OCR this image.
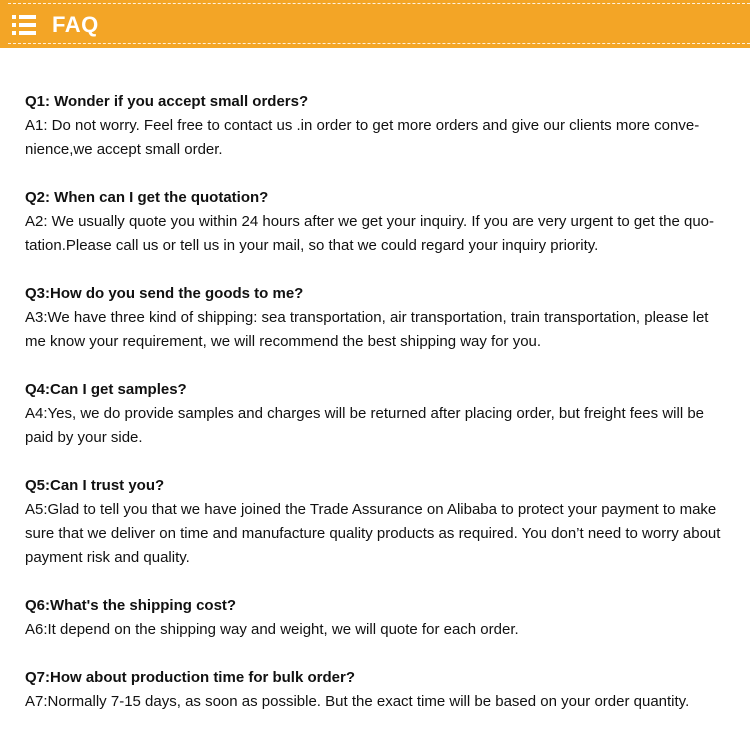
FAQ
Q1: Wonder if you accept small orders?
A1: Do not worry. Feel free to contact us .in order to get more orders and give our clients more conve-
nience,we accept small order.
Q2: When can I get the quotation?
A2: We usually quote you within 24 hours after we get your inquiry. If you are very urgent to get the quo-
tation.Please call us or tell us in your mail, so that we could regard your inquiry priority.
Q3:How do you send the goods to me?
A3:We have three kind of shipping: sea transportation, air transportation, train transportation, please let
me know your requirement, we will recommend the best shipping way for you.
Q4:Can I get samples?
A4:Yes, we do provide samples and charges will be returned after placing order, but freight fees will be
paid by your side.
Q5:Can I trust you?
A5:Glad to tell you that we have joined the Trade Assurance on Alibaba to protect your payment to make
sure that we deliver on time and manufacture quality products as required. You don’t need to worry about
payment risk and quality.
Q6:What's the shipping cost?
A6:It depend on the shipping way and weight, we will quote for each order.
Q7:How about production time for bulk order?
A7:Normally 7-15 days, as soon as possible. But the exact time will be based on your order quantity.
